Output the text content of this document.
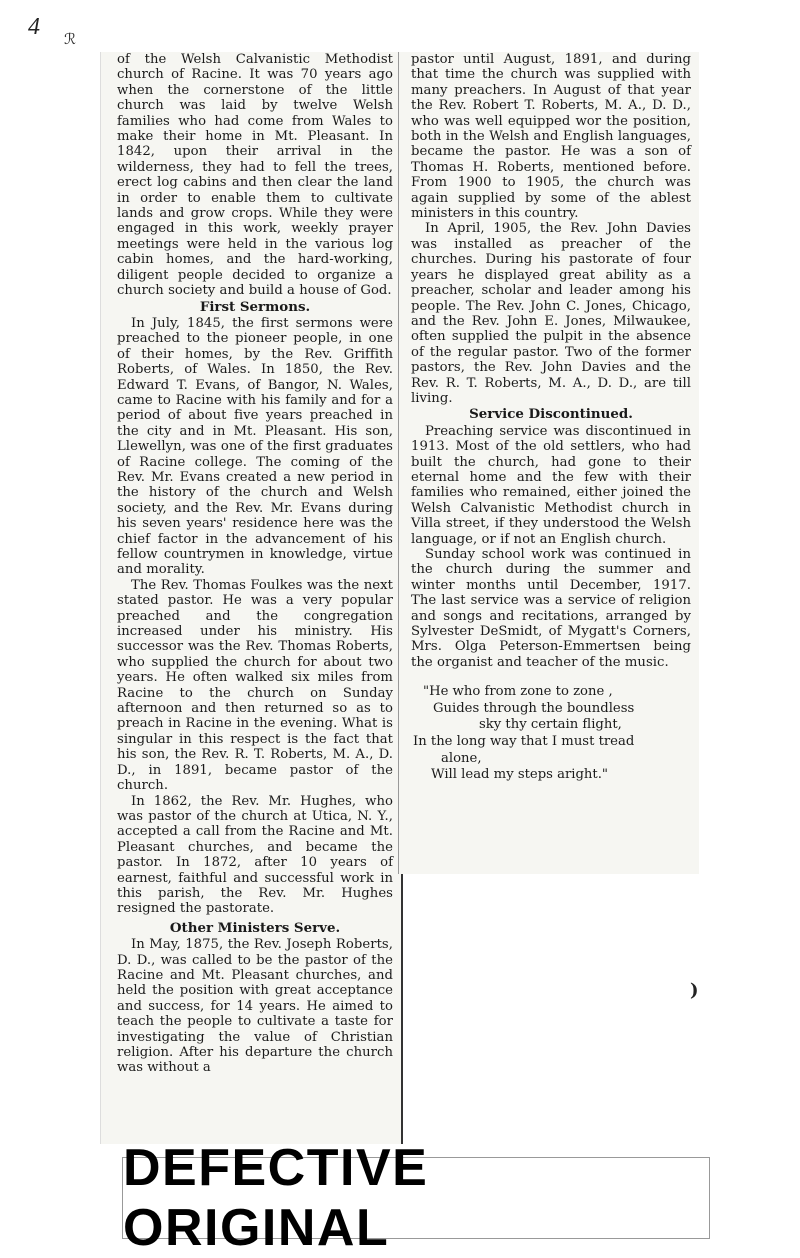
4 ℛ
)

of the Welsh Calvanistic Methodist church of Racine. It was 70 years ago when the cornerstone of the little church was laid by twelve Welsh families who had come from Wales to make their home in Mt. Pleasant. In 1842, upon their arrival in the wilderness, they had to fell the trees, erect log cabins and then clear the land in order to enable them to cultivate lands and grow crops. While they were engaged in this work, weekly prayer meetings were held in the various log cabin homes, and the hard-working, diligent people decided to organize a church society and build a house of God.

First Sermons.

In July, 1845, the first sermons were preached to the pioneer people, in one of their homes, by the Rev. Griffith Roberts, of Wales. In 1850, the Rev. Edward T. Evans, of Bangor, N. Wales, came to Racine with his family and for a period of about five years preached in the city and in Mt. Pleasant. His son, Llewellyn, was one of the first graduates of Racine college. The coming of the Rev. Mr. Evans created a new period in the history of the church and Welsh society, and the Rev. Mr. Evans during his seven years' residence here was the chief factor in the advancement of his fellow countrymen in knowledge, virtue and morality.

The Rev. Thomas Foulkes was the next stated pastor. He was a very popular preached and the congregation increased under his ministry. His successor was the Rev. Thomas Roberts, who supplied the church for about two years. He often walked six miles from Racine to the church on Sunday afternoon and then returned so as to preach in Racine in the evening. What is singular in this respect is the fact that his son, the Rev. R. T. Roberts, M. A., D. D., in 1891, became pastor of the church.

In 1862, the Rev. Mr. Hughes, who was pastor of the church at Utica, N. Y., accepted a call from the Racine and Mt. Pleasant churches, and became the pastor. In 1872, after 10 years of earnest, faithful and successful work in this parish, the Rev. Mr. Hughes resigned the pastorate.

Other Ministers Serve.

In May, 1875, the Rev. Joseph Roberts, D. D., was called to be the pastor of the Racine and Mt. Pleasant churches, and held the position with great acceptance and success, for 14 years. He aimed to teach the people to cultivate a taste for investigating the value of Christian religion. After his departure the church was without a

pastor until August, 1891, and during that time the church was supplied with many preachers. In August of that year the Rev. Robert T. Roberts, M. A., D. D., who was well equipped wor the position, both in the Welsh and English languages, became the pastor. He was a son of Thomas H. Roberts, mentioned before. From 1900 to 1905, the church was again supplied by some of the ablest ministers in this country.

In April, 1905, the Rev. John Davies was installed as preacher of the churches. During his pastorate of four years he displayed great ability as a preacher, scholar and leader among his people. The Rev. John C. Jones, Chicago, and the Rev. John E. Jones, Milwaukee, often supplied the pulpit in the absence of the regular pastor. Two of the former pastors, the Rev. John Davies and the Rev. R. T. Roberts, M. A., D. D., are till living.

Service Discontinued.

Preaching service was discontinued in 1913. Most of the old settlers, who had built the church, had gone to their eternal home and the few with their families who remained, either joined the Welsh Calvanistic Methodist church in Villa street, if they understood the Welsh language, or if not an English church.

Sunday school work was continued in the church during the summer and winter months until December, 1917. The last service was a service of religion and songs and recitations, arranged by Sylvester DeSmidt, of Mygatt's Corners, Mrs. Olga Peterson-Emmertsen being the organist and teacher of the music.

"He who from zone to zone ,
Guides through the boundless
sky thy certain flight,
In the long way that I must tread
alone,
Will lead my steps aright."
DEFECTIVE ORIGINAL
